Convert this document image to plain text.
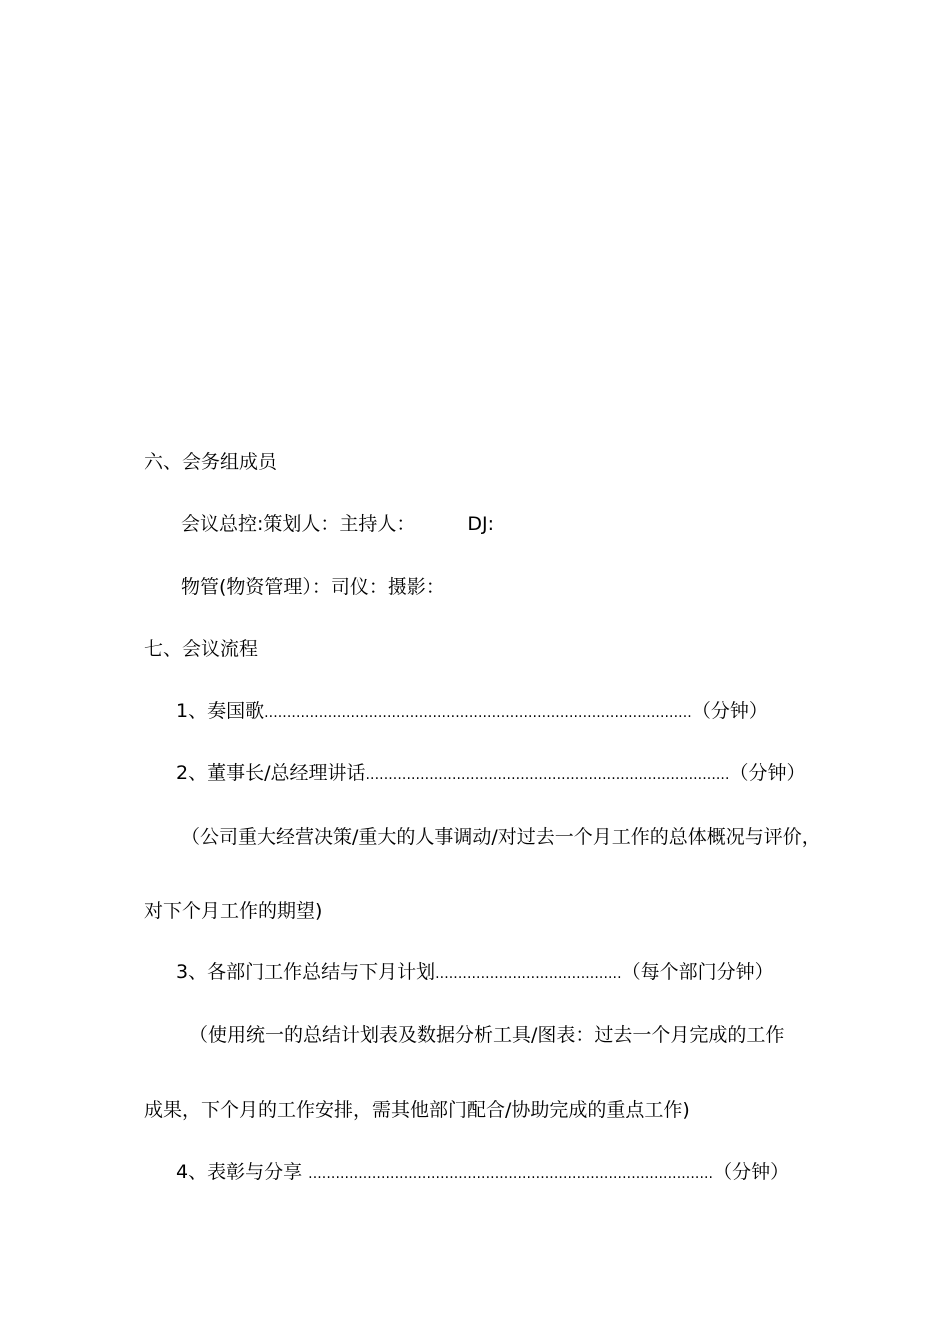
六、会务组成员
会议总控:策划人：主持人：	DJ:
物管(物资管理）：司仪：摄影：
七、会议流程
1、奏国歌..............................................................................................（分钟）
2、董事长/总经理讲话................................................................................（分钟）
（公司重大经营决策/重大的人事调动/对过去一个月工作的总体概况与评价，
对下个月工作的期望)
3、各部门工作总结与下月计划.........................................（每个部门分钟）
（使用统一的总结计划表及数据分析工具/图表：过去一个月完成的工作
成果，下个月的工作安排，需其他部门配合/协助完成的重点工作)
4、表彰与分享 .........................................................................................（分钟）
